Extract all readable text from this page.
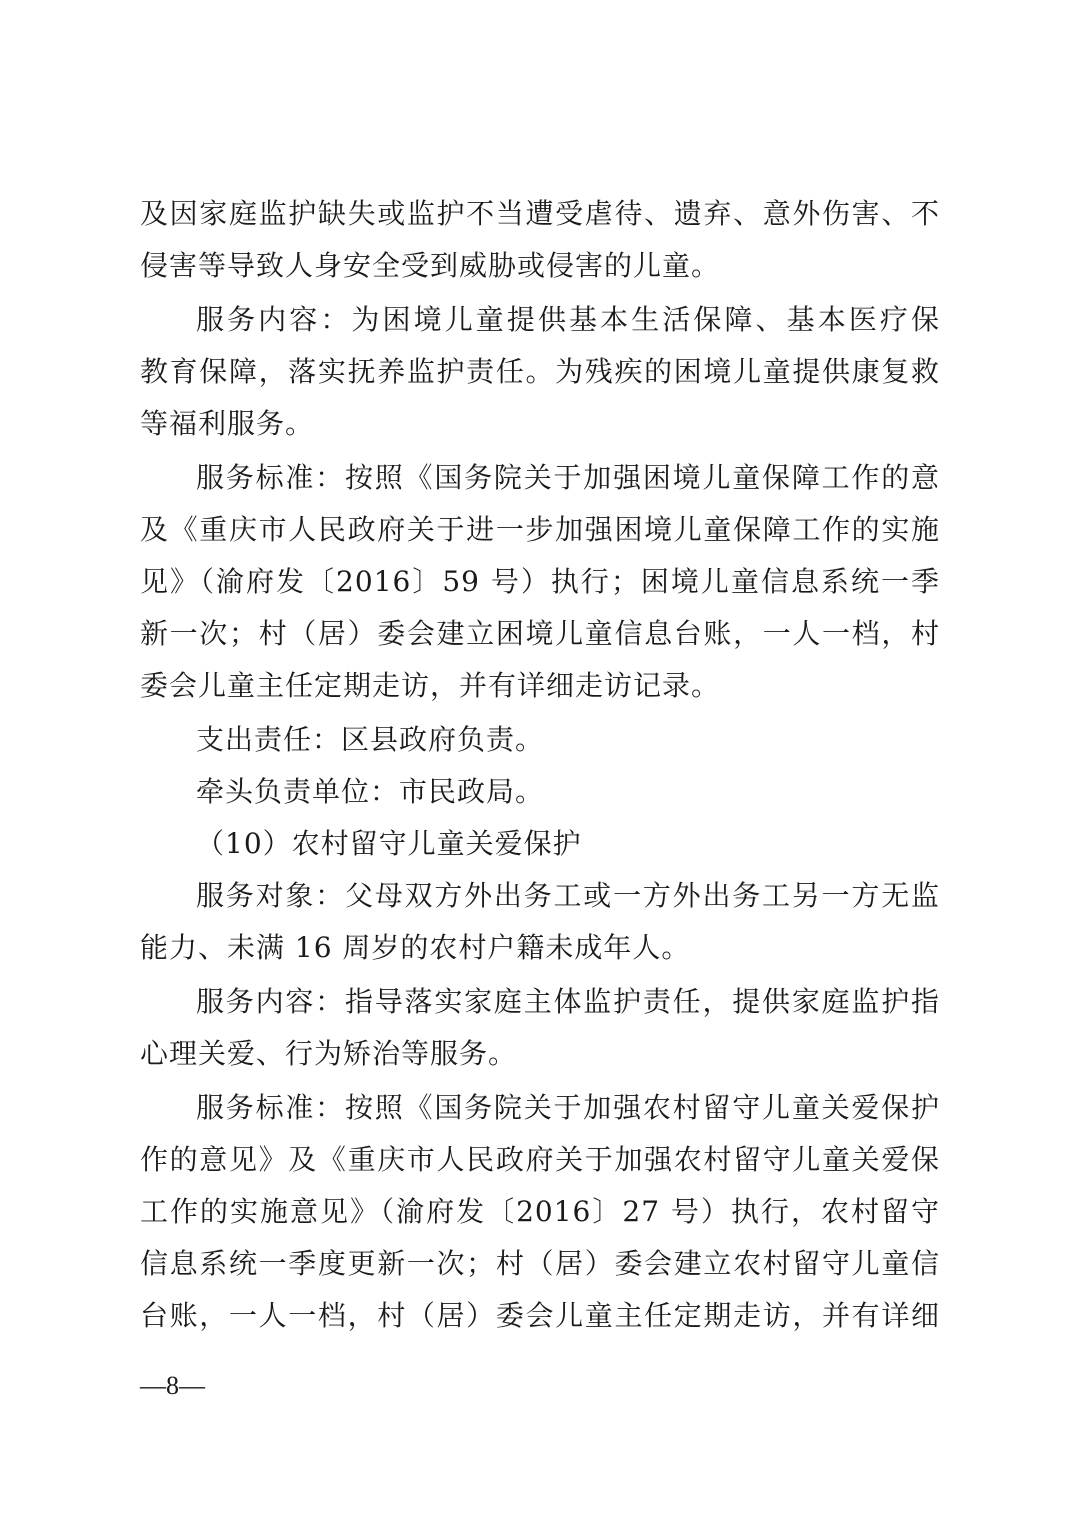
及因家庭监护缺失或监护不当遭受虐待、遗弃、意外伤害、不
侵害等导致人身安全受到威胁或侵害的儿童。
服务内容：为困境儿童提供基本生活保障、基本医疗保
教育保障，落实抚养监护责任。为残疾的困境儿童提供康复救
等福利服务。
服务标准：按照《国务院关于加强困境儿童保障工作的意
及《重庆市人民政府关于进一步加强困境儿童保障工作的实施
见》（渝府发〔2016〕59 号）执行；困境儿童信息系统一季
新一次；村（居）委会建立困境儿童信息台账，一人一档，村
委会儿童主任定期走访，并有详细走访记录。
支出责任：区县政府负责。
牵头负责单位：市民政局。
（10）农村留守儿童关爱保护
服务对象：父母双方外出务工或一方外出务工另一方无监
能力、未满 16 周岁的农村户籍未成年人。
服务内容：指导落实家庭主体监护责任，提供家庭监护指
心理关爱、行为矫治等服务。
服务标准：按照《国务院关于加强农村留守儿童关爱保护
作的意见》及《重庆市人民政府关于加强农村留守儿童关爱保
工作的实施意见》（渝府发〔2016〕27 号）执行，农村留守
信息系统一季度更新一次；村（居）委会建立农村留守儿童信
台账，一人一档，村（居）委会儿童主任定期走访，并有详细
—8—
